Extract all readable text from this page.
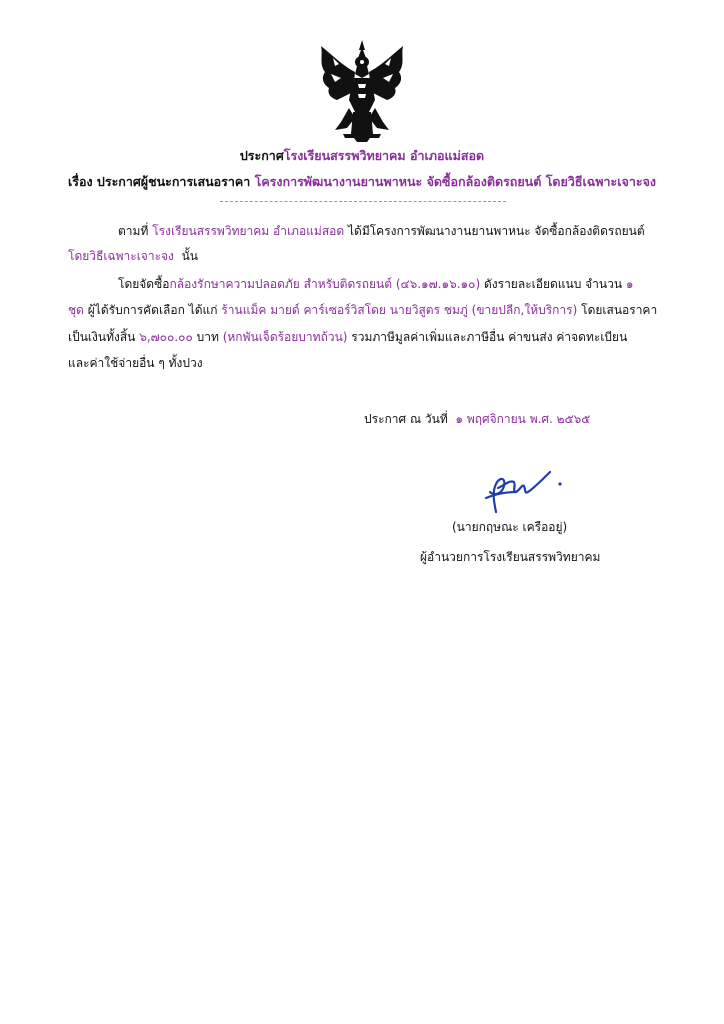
ประกาศโรงเรียนสรรพวิทยาคม อำเภอแม่สอด
เรื่อง ประกาศผู้ชนะการเสนอราคา โครงการพัฒนางานยานพาหนะ จัดซื้อกล้องติดรถยนต์ โดยวิธีเฉพาะเจาะจง
ตามที่ โรงเรียนสรรพวิทยาคม อำเภอแม่สอด ได้มีโครงการพัฒนางานยานพาหนะ จัดซื้อกล้องติดรถยนต์
โดยวิธีเฉพาะเจาะจง นั้น
โดยจัดซื้อกล้องรักษาความปลอดภัย สำหรับติดรถยนต์ (๔๖.๑๗.๑๖.๑๐) ดังรายละเอียดแนบ จำนวน ๑
ชุด ผู้ได้รับการคัดเลือก ได้แก่ ร้านแม็ค มายด์ คาร์เซอร์วิสโดย นายวิสูตร ชมภู่ (ขายปลีก,ให้บริการ) โดยเสนอราคา
เป็นเงินทั้งสิ้น ๖,๗๐๐.๐๐ บาท (หกพันเจ็ดร้อยบาทถ้วน) รวมภาษีมูลค่าเพิ่มและภาษีอื่น ค่าขนส่ง ค่าจดทะเบียน
และค่าใช้จ่ายอื่น ๆ ทั้งปวง
ประกาศ ณ วันที่ ๑ พฤศจิกายน พ.ศ. ๒๕๖๕
(นายกฤษณะ เครืออยู่)
ผู้อำนวยการโรงเรียนสรรพวิทยาคม
